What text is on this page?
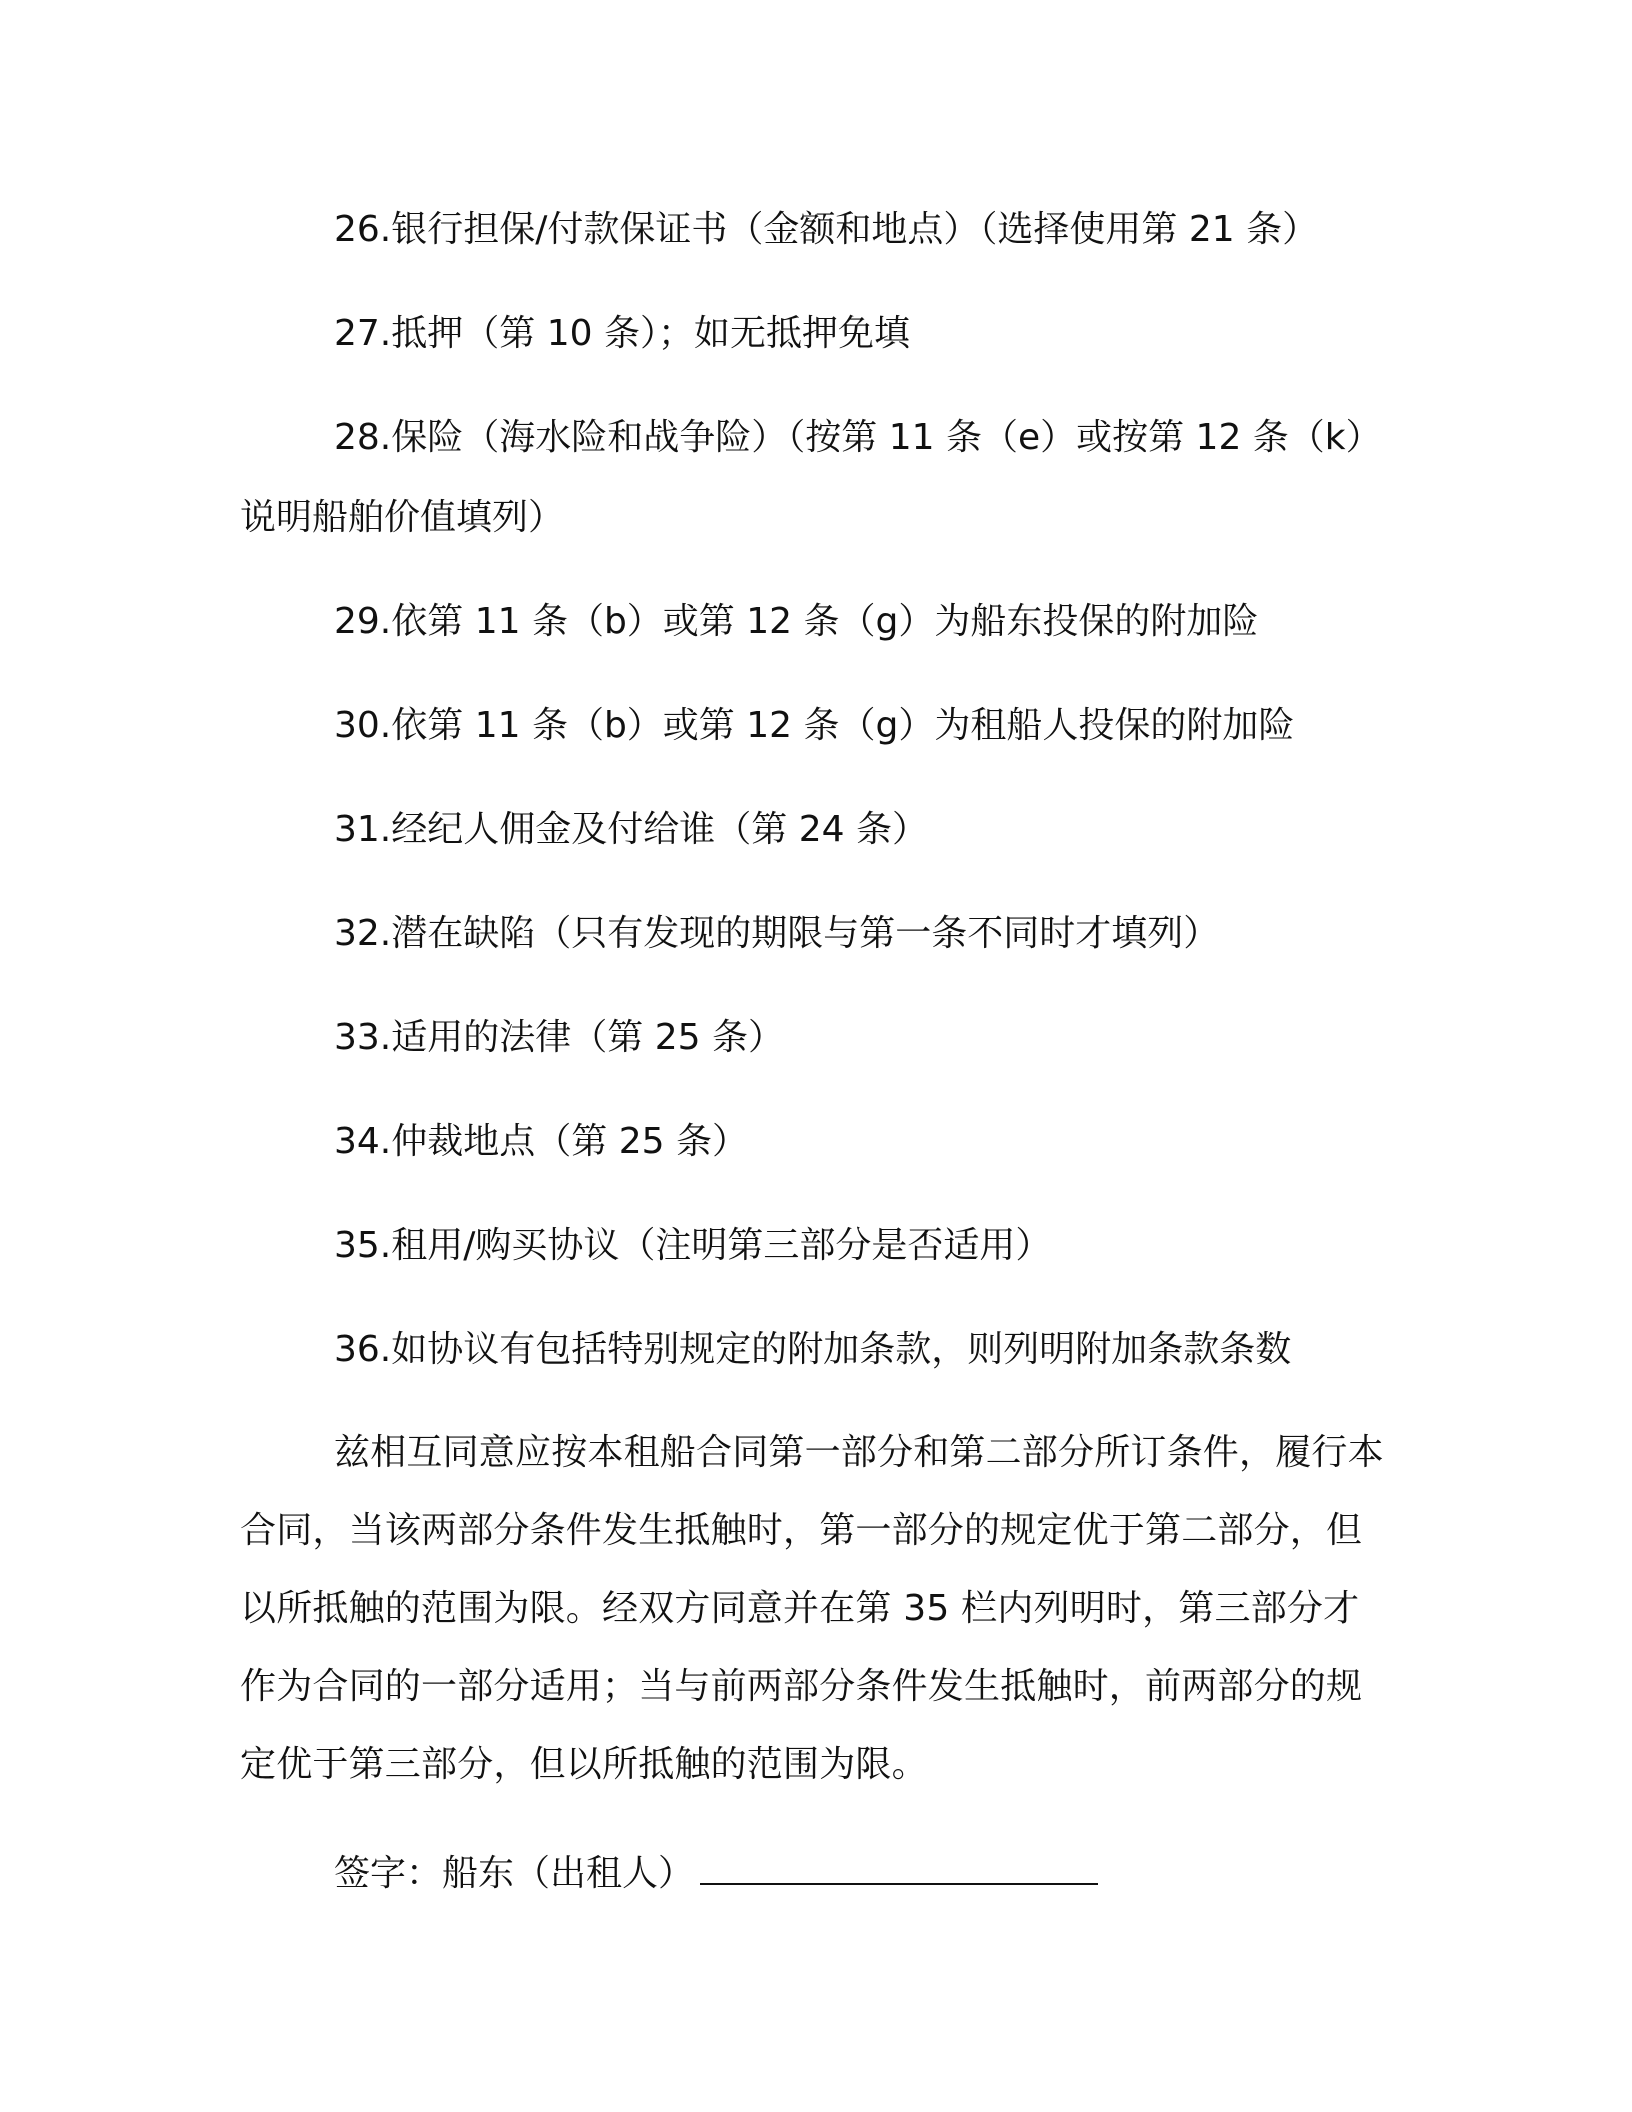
26.银行担保/付款保证书（金额和地点）（选择使用第 21 条）

27.抵押（第 10 条）；如无抵押免填

28.保险（海水险和战争险）（按第 11 条（e）或按第 12 条（k）说明船舶价值填列）

29.依第 11 条（b）或第 12 条（g）为船东投保的附加险

30.依第 11 条（b）或第 12 条（g）为租船人投保的附加险

31.经纪人佣金及付给谁（第 24 条）

32.潜在缺陷（只有发现的期限与第一条不同时才填列）

33.适用的法律（第 25 条）

34.仲裁地点（第 25 条）

35.租用/购买协议（注明第三部分是否适用）

36.如协议有包括特别规定的附加条款，则列明附加条款条数

兹相互同意应按本租船合同第一部分和第二部分所订条件，履行本合同，当该两部分条件发生抵触时，第一部分的规定优于第二部分，但以所抵触的范围为限。经双方同意并在第 35 栏内列明时，第三部分才作为合同的一部分适用；当与前两部分条件发生抵触时，前两部分的规定优于第三部分，但以所抵触的范围为限。

签字：船东（出租人）
